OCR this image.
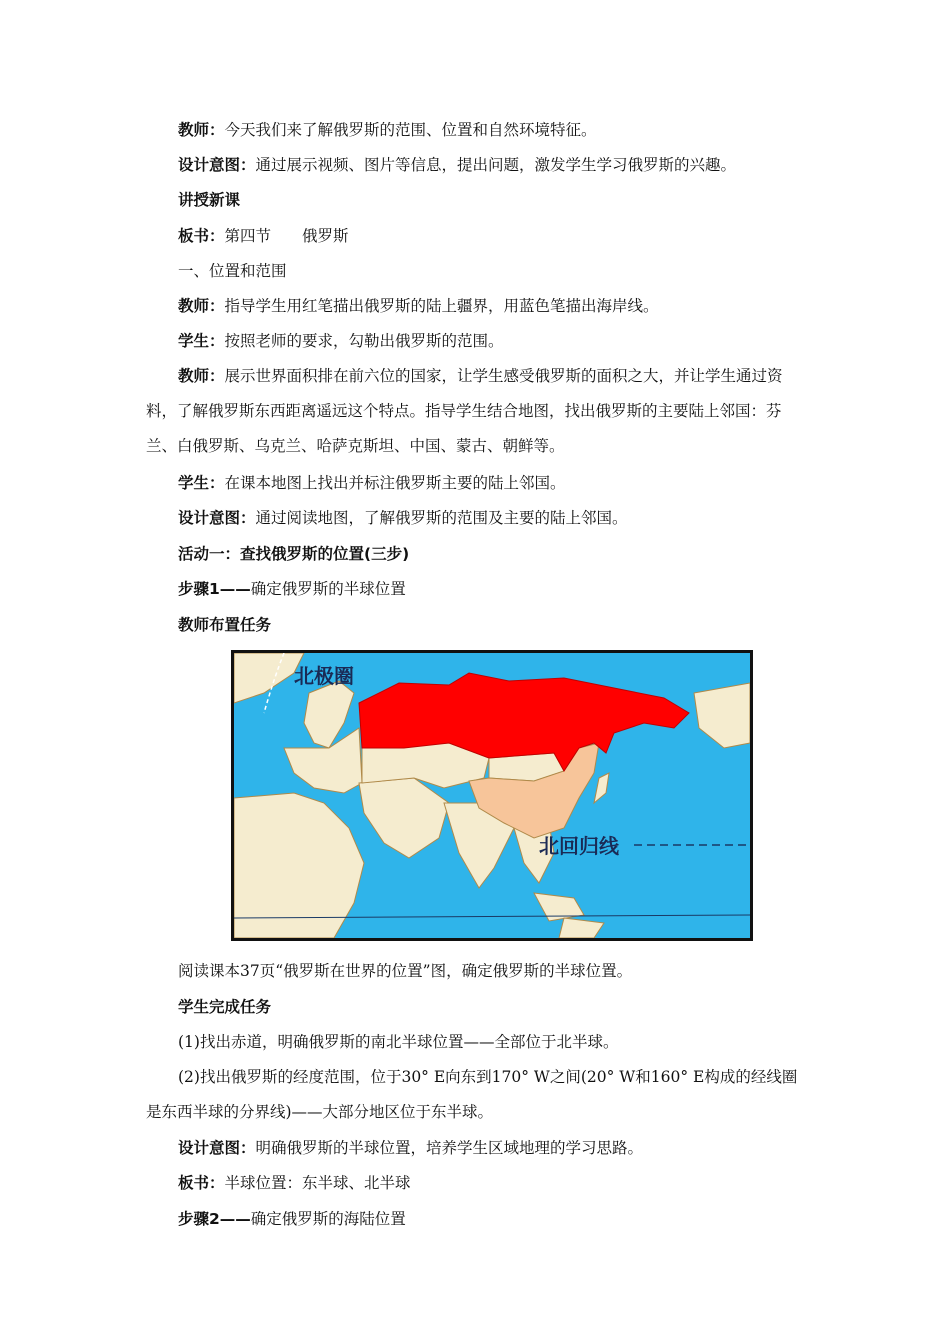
教师：今天我们来了解俄罗斯的范围、位置和自然环境特征。
设计意图：通过展示视频、图片等信息，提出问题，激发学生学习俄罗斯的兴趣。
讲授新课
板书：第四节　　俄罗斯
一、位置和范围
教师：指导学生用红笔描出俄罗斯的陆上疆界，用蓝色笔描出海岸线。
学生：按照老师的要求，勾勒出俄罗斯的范围。
教师：展示世界面积排在前六位的国家，让学生感受俄罗斯的面积之大，并让学生通过资料，了解俄罗斯东西距离遥远这个特点。指导学生结合地图，找出俄罗斯的主要陆上邻国：芬兰、白俄罗斯、乌克兰、哈萨克斯坦、中国、蒙古、朝鲜等。
学生：在课本地图上找出并标注俄罗斯主要的陆上邻国。
设计意图：通过阅读地图，了解俄罗斯的范围及主要的陆上邻国。
活动一：查找俄罗斯的位置(三步)
步骤1——确定俄罗斯的半球位置
教师布置任务
北极圈
北回归线
阅读课本37页“俄罗斯在世界的位置”图，确定俄罗斯的半球位置。
学生完成任务
(1)找出赤道，明确俄罗斯的南北半球位置——全部位于北半球。
(2)找出俄罗斯的经度范围，位于30° E向东到170° W之间(20° W和160° E构成的经线圈是东西半球的分界线)——大部分地区位于东半球。
设计意图：明确俄罗斯的半球位置，培养学生区域地理的学习思路。
板书：半球位置：东半球、北半球
步骤2——确定俄罗斯的海陆位置
